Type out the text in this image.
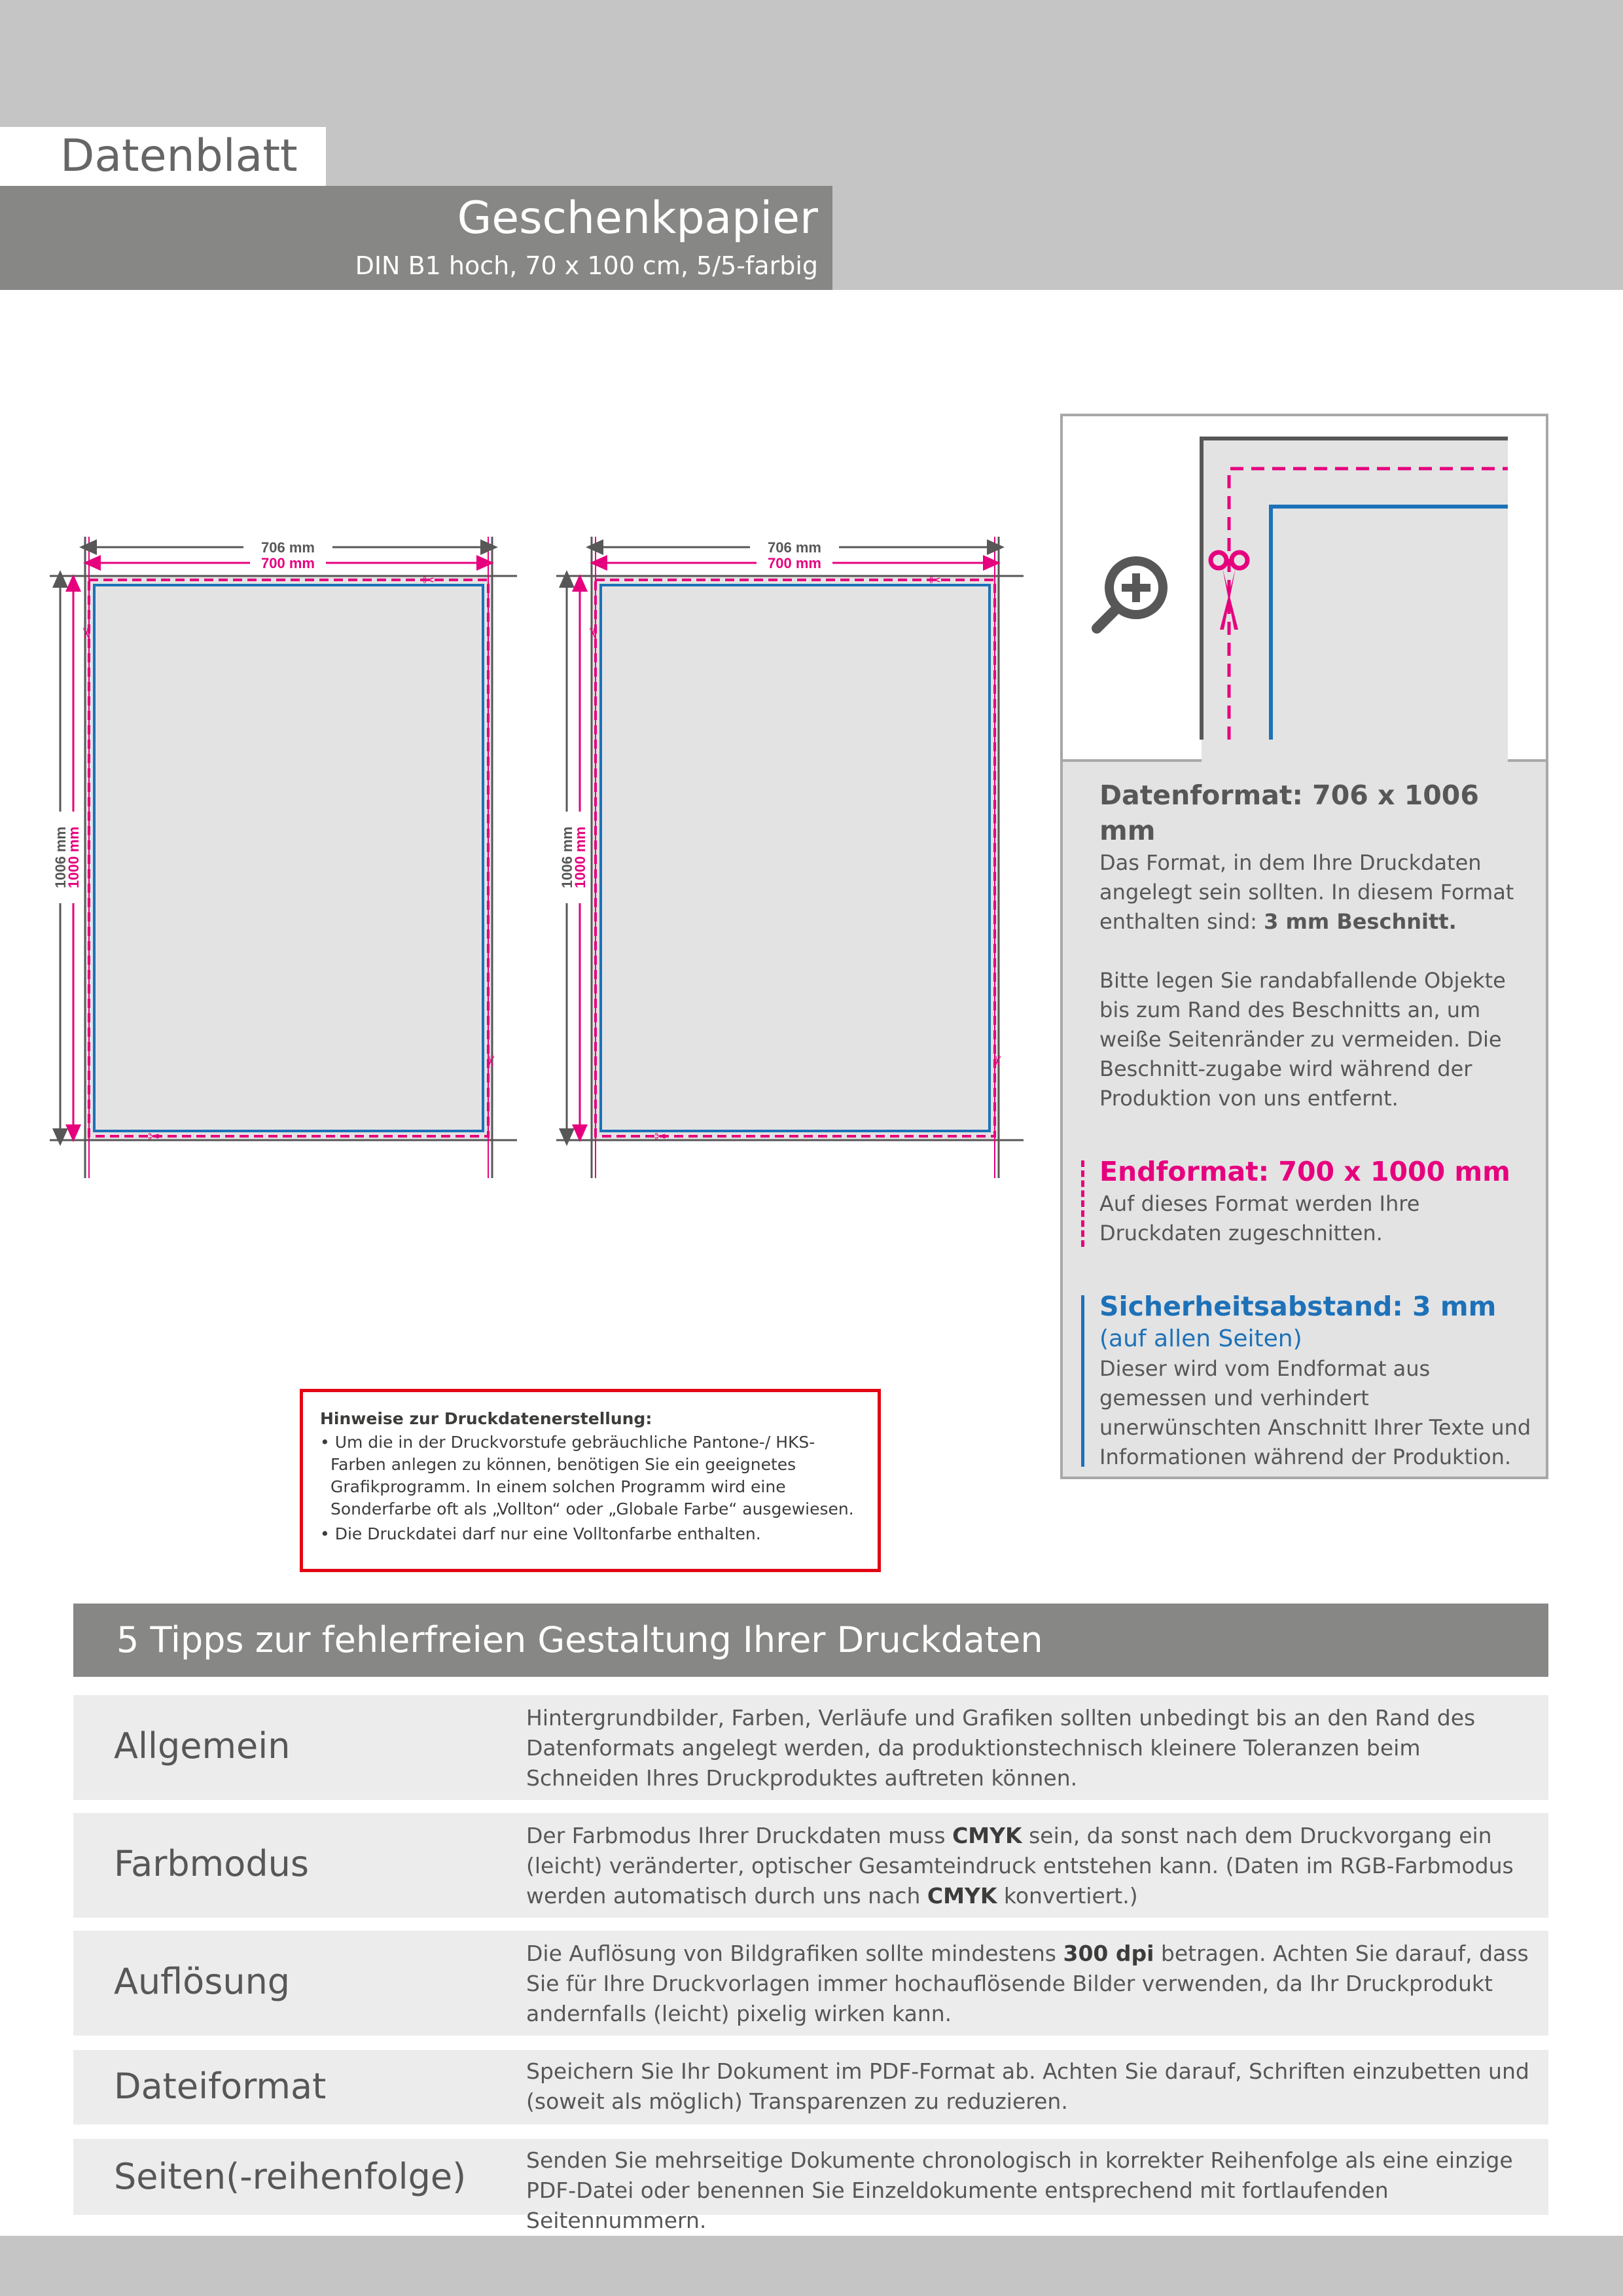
Datenblatt
Geschenkpapier
DIN B1 hoch, 70 x 100 cm, 5/5-farbig
706 mm
700 mm
1006 mm
1000 mm
✂
✂
✂
✂
706 mm
700 mm
1006 mm
1000 mm
✂
✂
✂
✂
Datenformat: 706 x 1006 mm
Das Format, in dem Ihre Druckdaten angelegt sein sollten. In diesem Format enthalten sind: 3 mm Beschnitt.
Bitte legen Sie randabfallende Objekte bis zum Rand des Beschnitts an, um weiße Seitenränder zu vermeiden. Die Beschnitt-zugabe wird während der Produktion von uns entfernt.
Endformat: 700 x 1000 mm
Auf dieses Format werden Ihre Druckdaten zugeschnitten.
Sicherheitsabstand: 3 mm
(auf allen Seiten)
Dieser wird vom Endformat aus gemessen und verhindert unerwünschten Anschnitt Ihrer Texte und Informationen während der Produktion.
Hinweise zur Druckdatenerstellung:
• Um die in der Druckvorstufe gebräuchliche Pantone-/ HKS-Farben anlegen zu können, benötigen Sie ein geeignetes Grafikprogramm. In einem solchen Programm wird eine Sonderfarbe oft als „Vollton“ oder „Globale Farbe“ ausgewiesen.
• Die Druckdatei darf nur eine Volltonfarbe enthalten.
5 Tipps zur fehlerfreien Gestaltung Ihrer Druckdaten
Allgemein
Hintergrundbilder, Farben, Verläufe und Grafiken sollten unbedingt bis an den Rand des Datenformats angelegt werden, da produktionstechnisch kleinere Toleranzen beim Schneiden Ihres Druckproduktes auftreten können.
Farbmodus
Der Farbmodus Ihrer Druckdaten muss CMYK sein, da sonst nach dem Druckvorgang ein (leicht) veränderter, optischer Gesamteindruck entstehen kann. (Daten im RGB-Farbmodus werden automatisch durch uns nach CMYK konvertiert.)
Auflösung
Die Auflösung von Bildgrafiken sollte mindestens 300 dpi betragen. Achten Sie darauf, dass Sie für Ihre Druckvorlagen immer hochauflösende Bilder verwenden, da Ihr Druckprodukt andernfalls (leicht) pixelig wirken kann.
Dateiformat	Speichern Sie Ihr Dokument im PDF-Format ab. Achten Sie darauf, Schriften einzubetten und (soweit als möglich) Transparenzen zu reduzieren.
Seiten(-reihenfolge)	Senden Sie mehrseitige Dokumente chronologisch in korrekter Reihenfolge als eine einzige PDF-Datei oder benennen Sie Einzeldokumente entsprechend mit fortlaufenden Seitennummern.
